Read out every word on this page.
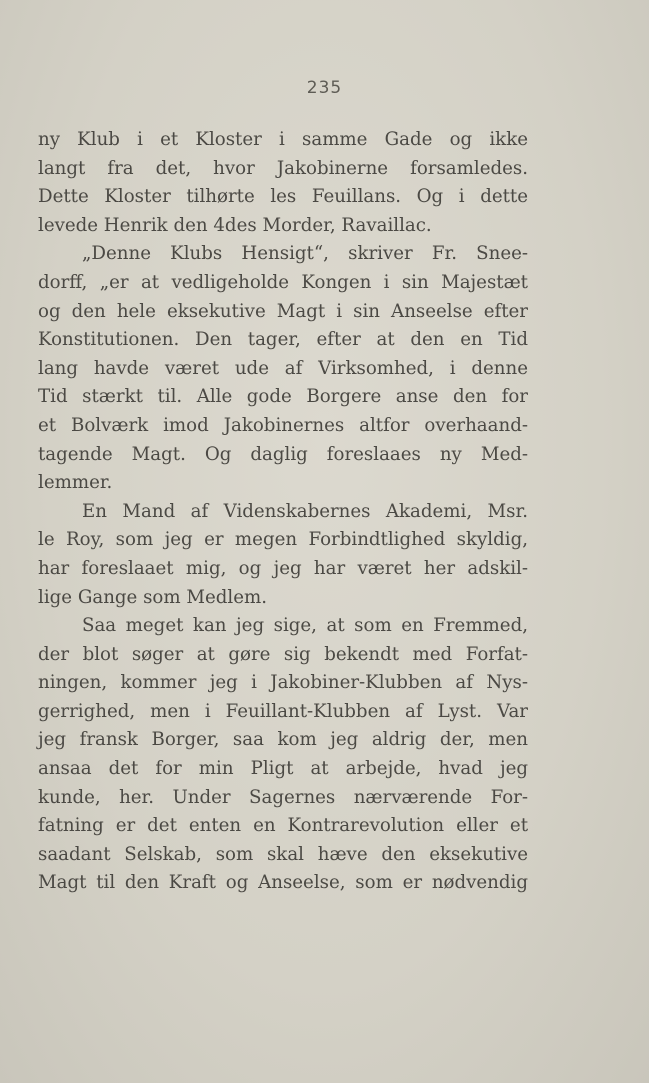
235
ny Klub i et Kloster i samme Gade og ikke
langt fra det, hvor Jakobinerne forsamledes.
Dette Kloster tilhørte les Feuillans. Og i dette
levede Henrik den 4des Morder, Ravaillac.
„Denne Klubs Hensigt“, skriver Fr. Snee-
dorff, „er at vedligeholde Kongen i sin Majestæt
og den hele eksekutive Magt i sin Anseelse efter
Konstitutionen. Den tager, efter at den en Tid
lang havde været ude af Virksomhed, i denne
Tid stærkt til. Alle gode Borgere anse den for
et Bolværk imod Jakobinernes altfor overhaand-
tagende Magt. Og daglig foreslaaes ny Med-
lemmer.
En Mand af Videnskabernes Akademi, Msr.
le Roy, som jeg er megen Forbindtlighed skyldig,
har foreslaaet mig, og jeg har været her adskil-
lige Gange som Medlem.
Saa meget kan jeg sige, at som en Fremmed,
der blot søger at gøre sig bekendt med Forfat-
ningen, kommer jeg i Jakobiner-Klubben af Nys-
gerrighed, men i Feuillant-Klubben af Lyst. Var
jeg fransk Borger, saa kom jeg aldrig der, men
ansaa det for min Pligt at arbejde, hvad jeg
kunde, her. Under Sagernes nærværende For-
fatning er det enten en Kontrarevolution eller et
saadant Selskab, som skal hæve den eksekutive
Magt til den Kraft og Anseelse, som er nødvendig
